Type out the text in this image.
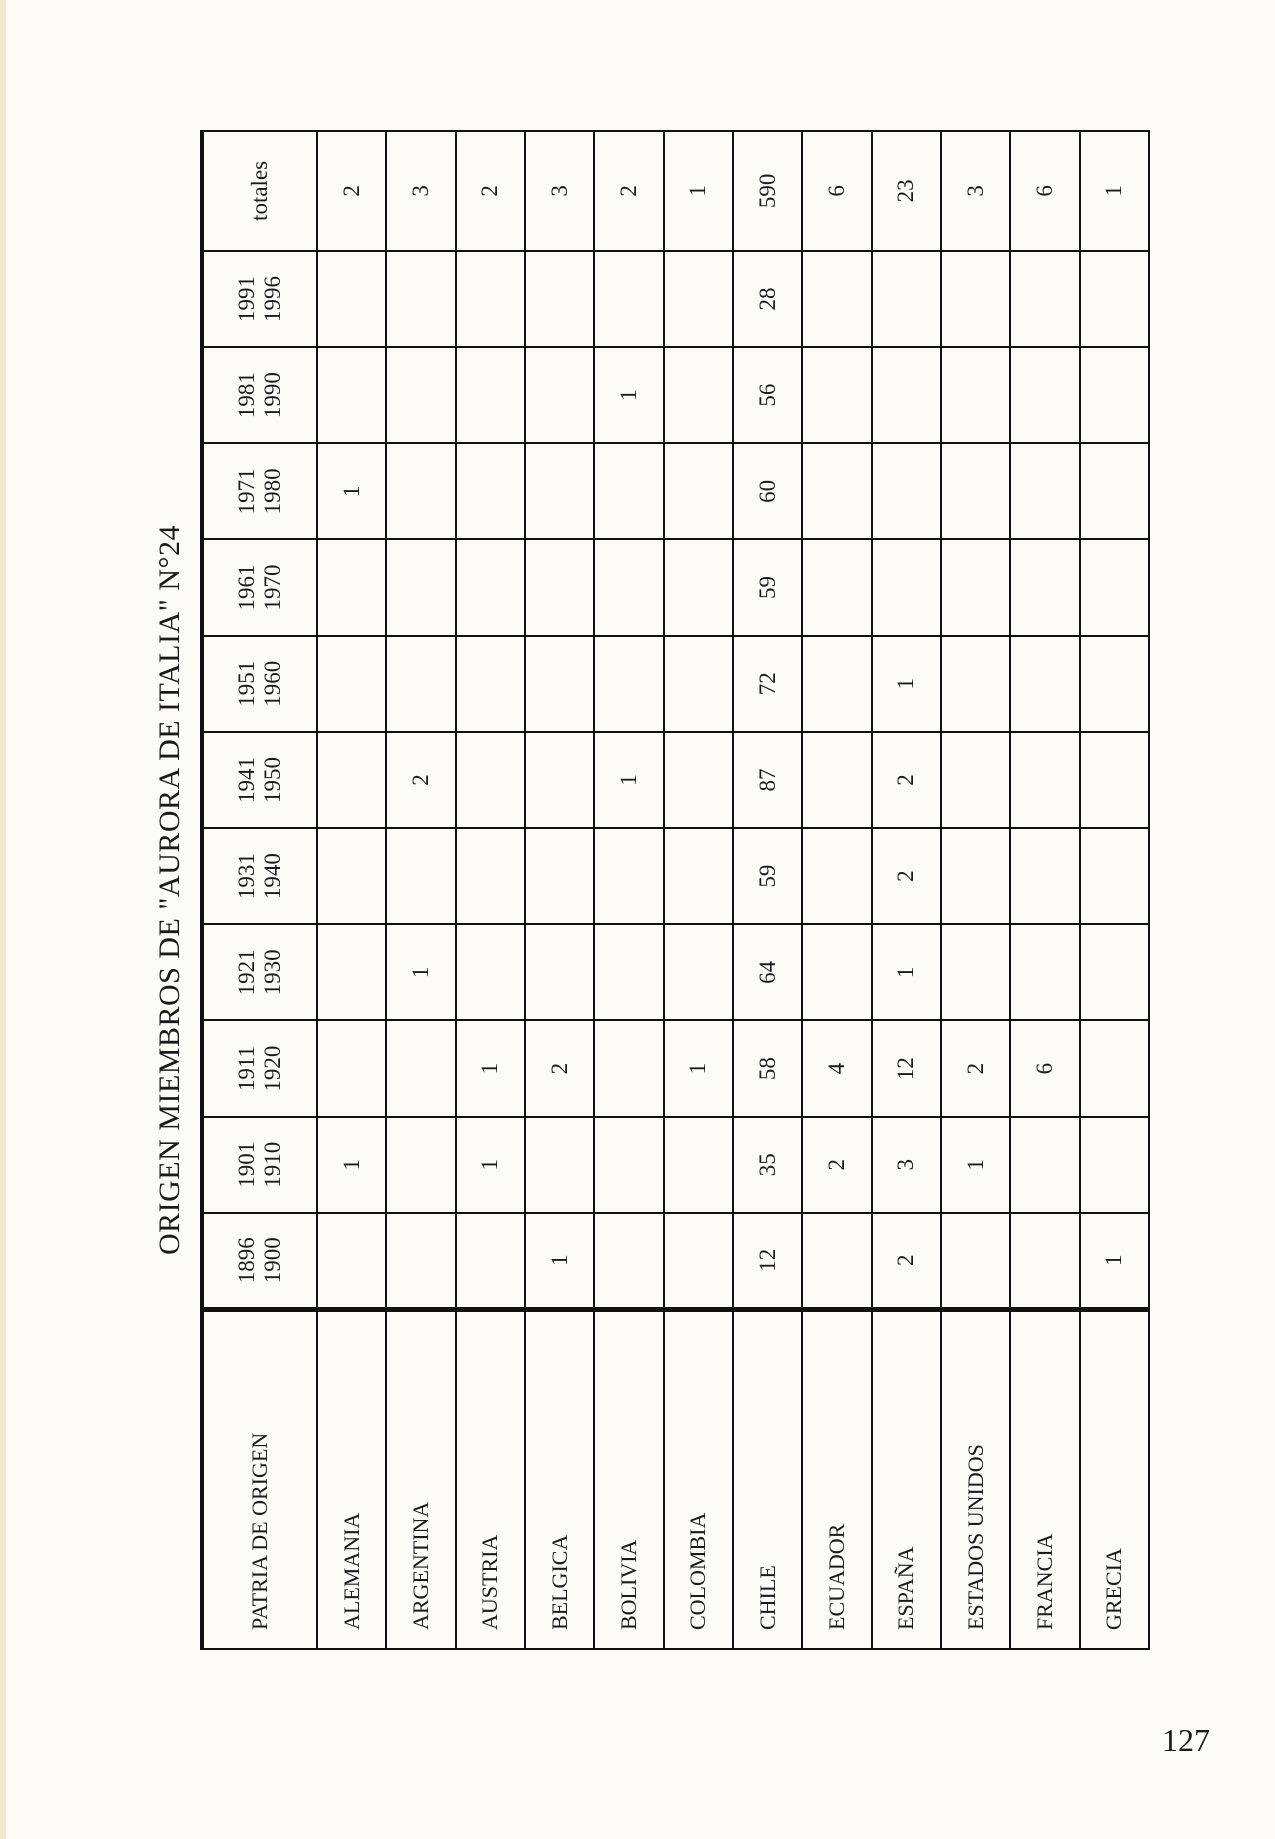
ORIGEN MIEMBROS DE "AURORA DE ITALIA" N°24
PATRIA DE ORIGEN	1896 1900	1901 1910	1911 1920	1921 1930	1931 1940	1941 1950	1951 1960	1961 1970	1971 1980	1981 1990	1991 1996	totales
ALEMANIA		1							1			2
ARGENTINA				1		2						3
AUSTRIA		1	1									2
BELGICA	1		2									3
BOLIVIA						1				1		2
COLOMBIA			1									1
CHILE	12	35	58	64	59	87	72	59	60	56	28	590
ECUADOR		2	4									6
ESPAÑA	2	3	12	1	2	2	1					23
ESTADOS UNIDOS		1	2									3
FRANCIA			6									6
GRECIA	1											1
127
